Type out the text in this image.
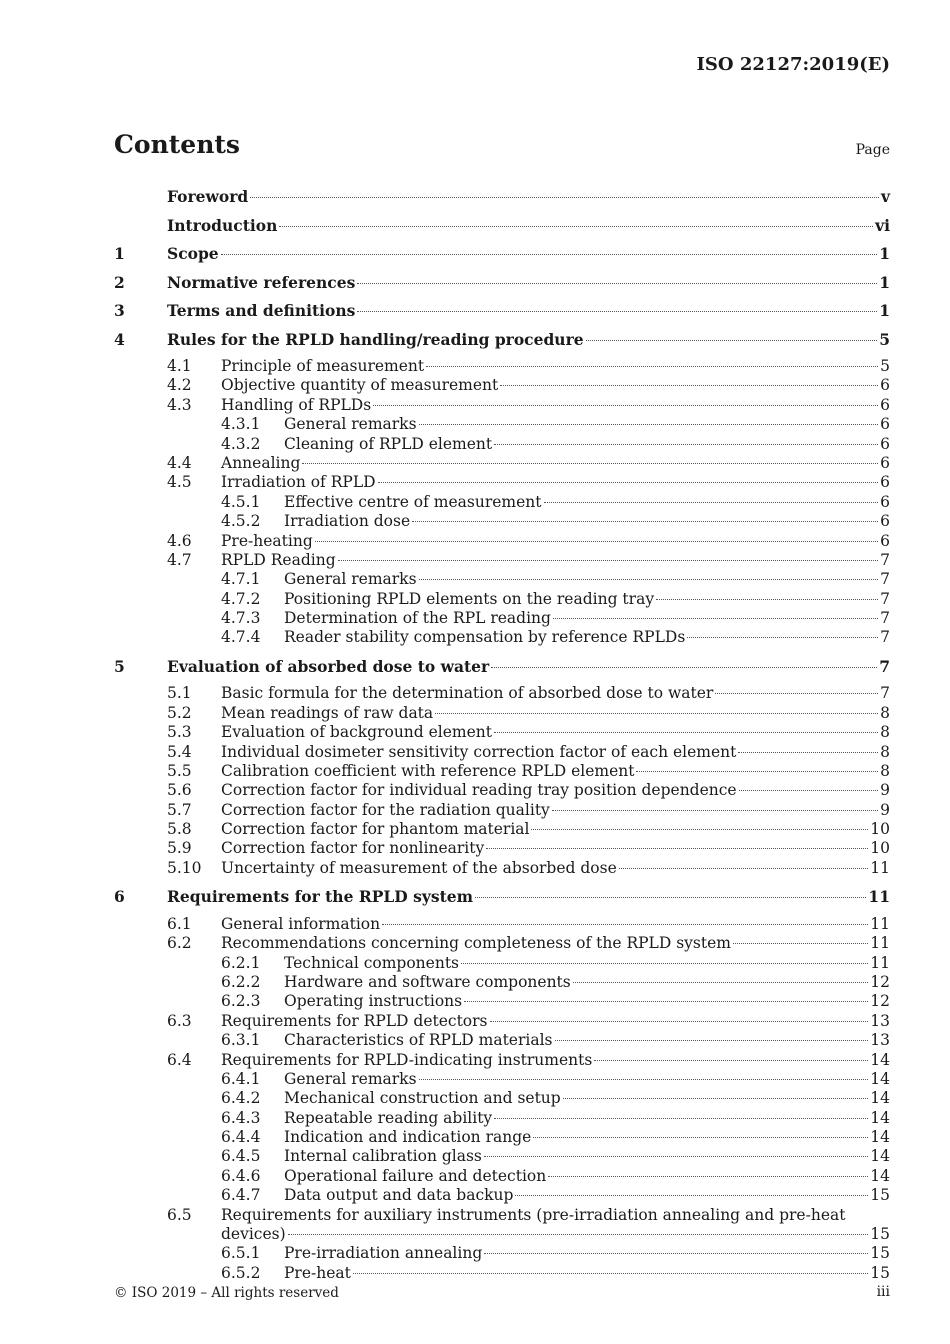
ISO 22127:2019(E)
Contents	Page
Foreword	v
Introduction	vi
1	Scope	1
2	Normative references	1
3	Terms and definitions	1
4	Rules for the RPLD handling/reading procedure	5
4.1	Principle of measurement	5
4.2	Objective quantity of measurement	6
4.3	Handling of RPLDs	6
4.3.1	General remarks	6
4.3.2	Cleaning of RPLD element	6
4.4	Annealing	6
4.5	Irradiation of RPLD	6
4.5.1	Effective centre of measurement	6
4.5.2	Irradiation dose	6
4.6	Pre-heating	6
4.7	RPLD Reading	7
4.7.1	General remarks	7
4.7.2	Positioning RPLD elements on the reading tray	7
4.7.3	Determination of the RPL reading	7
4.7.4	Reader stability compensation by reference RPLDs	7
5	Evaluation of absorbed dose to water	7
5.1	Basic formula for the determination of absorbed dose to water	7
5.2	Mean readings of raw data	8
5.3	Evaluation of background element	8
5.4	Individual dosimeter sensitivity correction factor of each element	8
5.5	Calibration coefficient with reference RPLD element	8
5.6	Correction factor for individual reading tray position dependence	9
5.7	Correction factor for the radiation quality	9
5.8	Correction factor for phantom material	10
5.9	Correction factor for nonlinearity	10
5.10	Uncertainty of measurement of the absorbed dose	11
6	Requirements for the RPLD system	11
6.1	General information	11
6.2	Recommendations concerning completeness of the RPLD system	11
6.2.1	Technical components	11
6.2.2	Hardware and software components	12
6.2.3	Operating instructions	12
6.3	Requirements for RPLD detectors	13
6.3.1	Characteristics of RPLD materials	13
6.4	Requirements for RPLD-indicating instruments	14
6.4.1	General remarks	14
6.4.2	Mechanical construction and setup	14
6.4.3	Repeatable reading ability	14
6.4.4	Indication and indication range	14
6.4.5	Internal calibration glass	14
6.4.6	Operational failure and detection	14
6.4.7	Data output and data backup	15
6.5	Requirements for auxiliary instruments (pre-irradiation annealing and pre-heat
devices)	15
6.5.1	Pre-irradiation annealing	15
6.5.2	Pre-heat	15
© ISO 2019 – All rights reserved	iii
